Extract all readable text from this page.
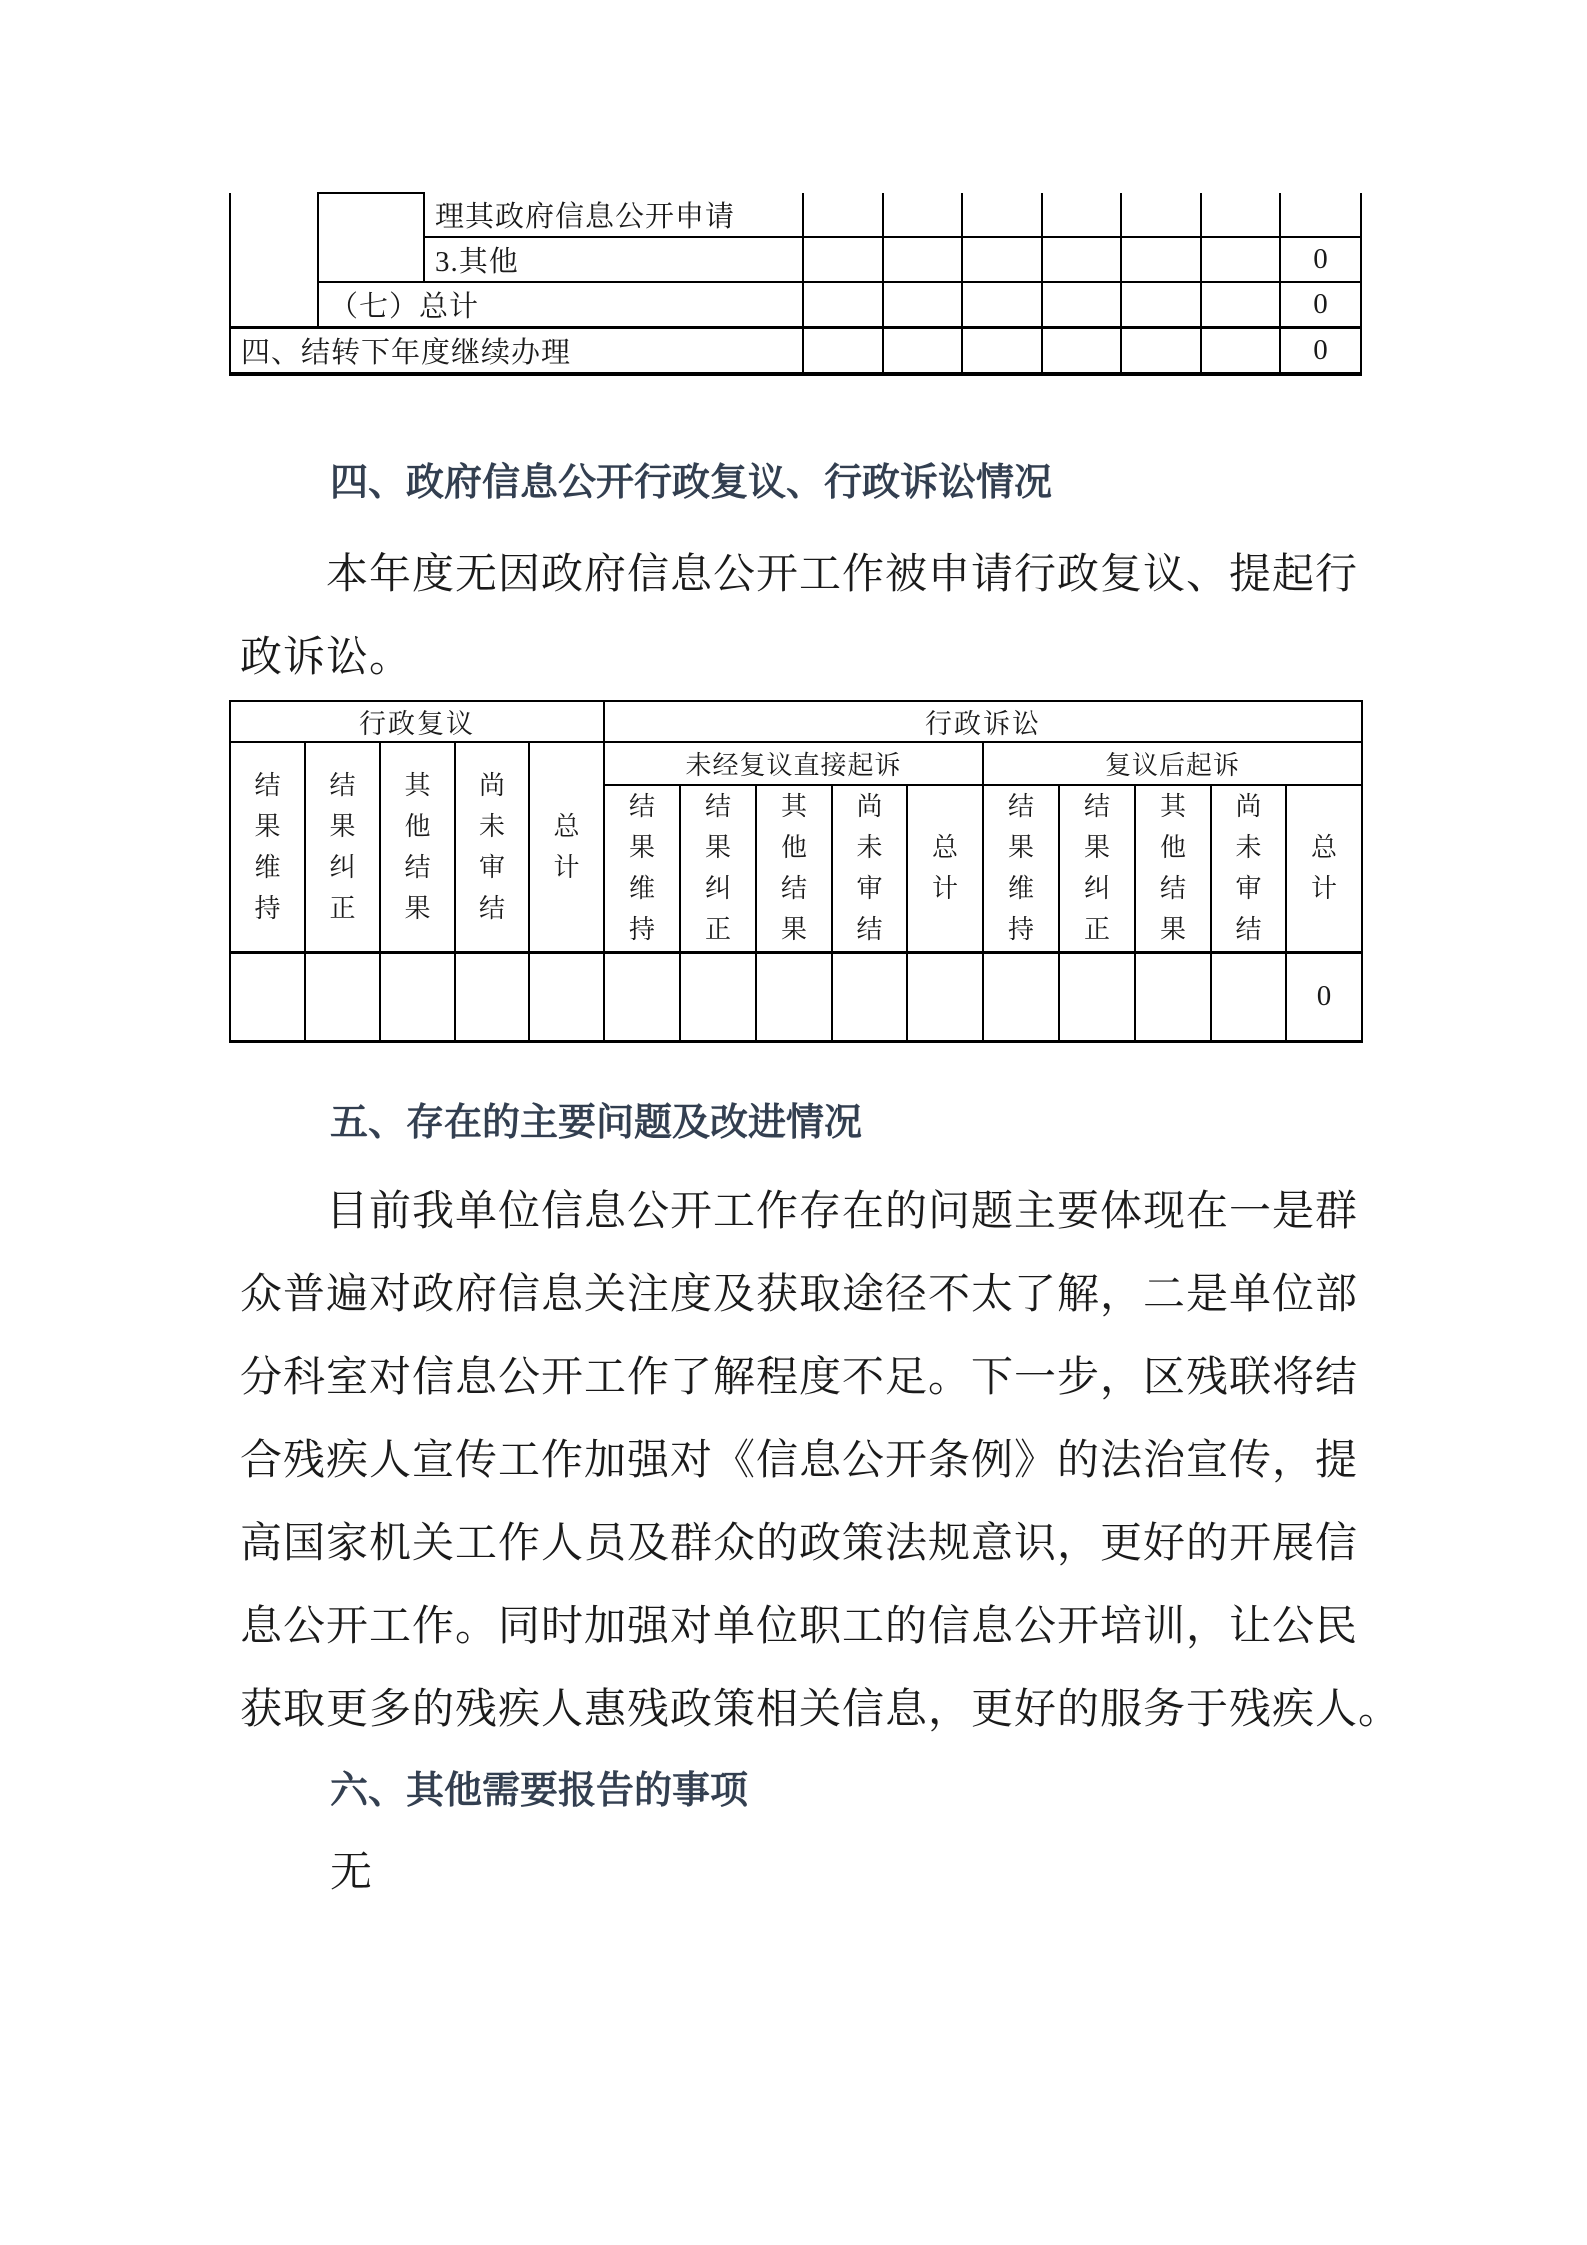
		理其政府信息公开申请							
		3.其他							0
	（七）总计								0
四、结转下年度继续办理									0
四、政府信息公开行政复议、行政诉讼情况
本年度无因政府信息公开工作被申请行政复议、提起行
政诉讼。
行政复议					行政诉讼									
结果维持	结果纠正	其他结果	尚未审结	总计	未经复议直接起诉					复议后起诉				
					结果维持	结果纠正	其他结果	尚未审结	总计	结果维持	结果纠正	其他结果	尚未审结	总计
														0
五、存在的主要问题及改进情况
目前我单位信息公开工作存在的问题主要体现在一是群
众普遍对政府信息关注度及获取途径不太了解，二是单位部
分科室对信息公开工作了解程度不足。下一步，区残联将结
合残疾人宣传工作加强对《信息公开条例》的法治宣传，提
高国家机关工作人员及群众的政策法规意识，更好的开展信
息公开工作。同时加强对单位职工的信息公开培训，让公民
获取更多的残疾人惠残政策相关信息，更好的服务于残疾人。
六、其他需要报告的事项
无
